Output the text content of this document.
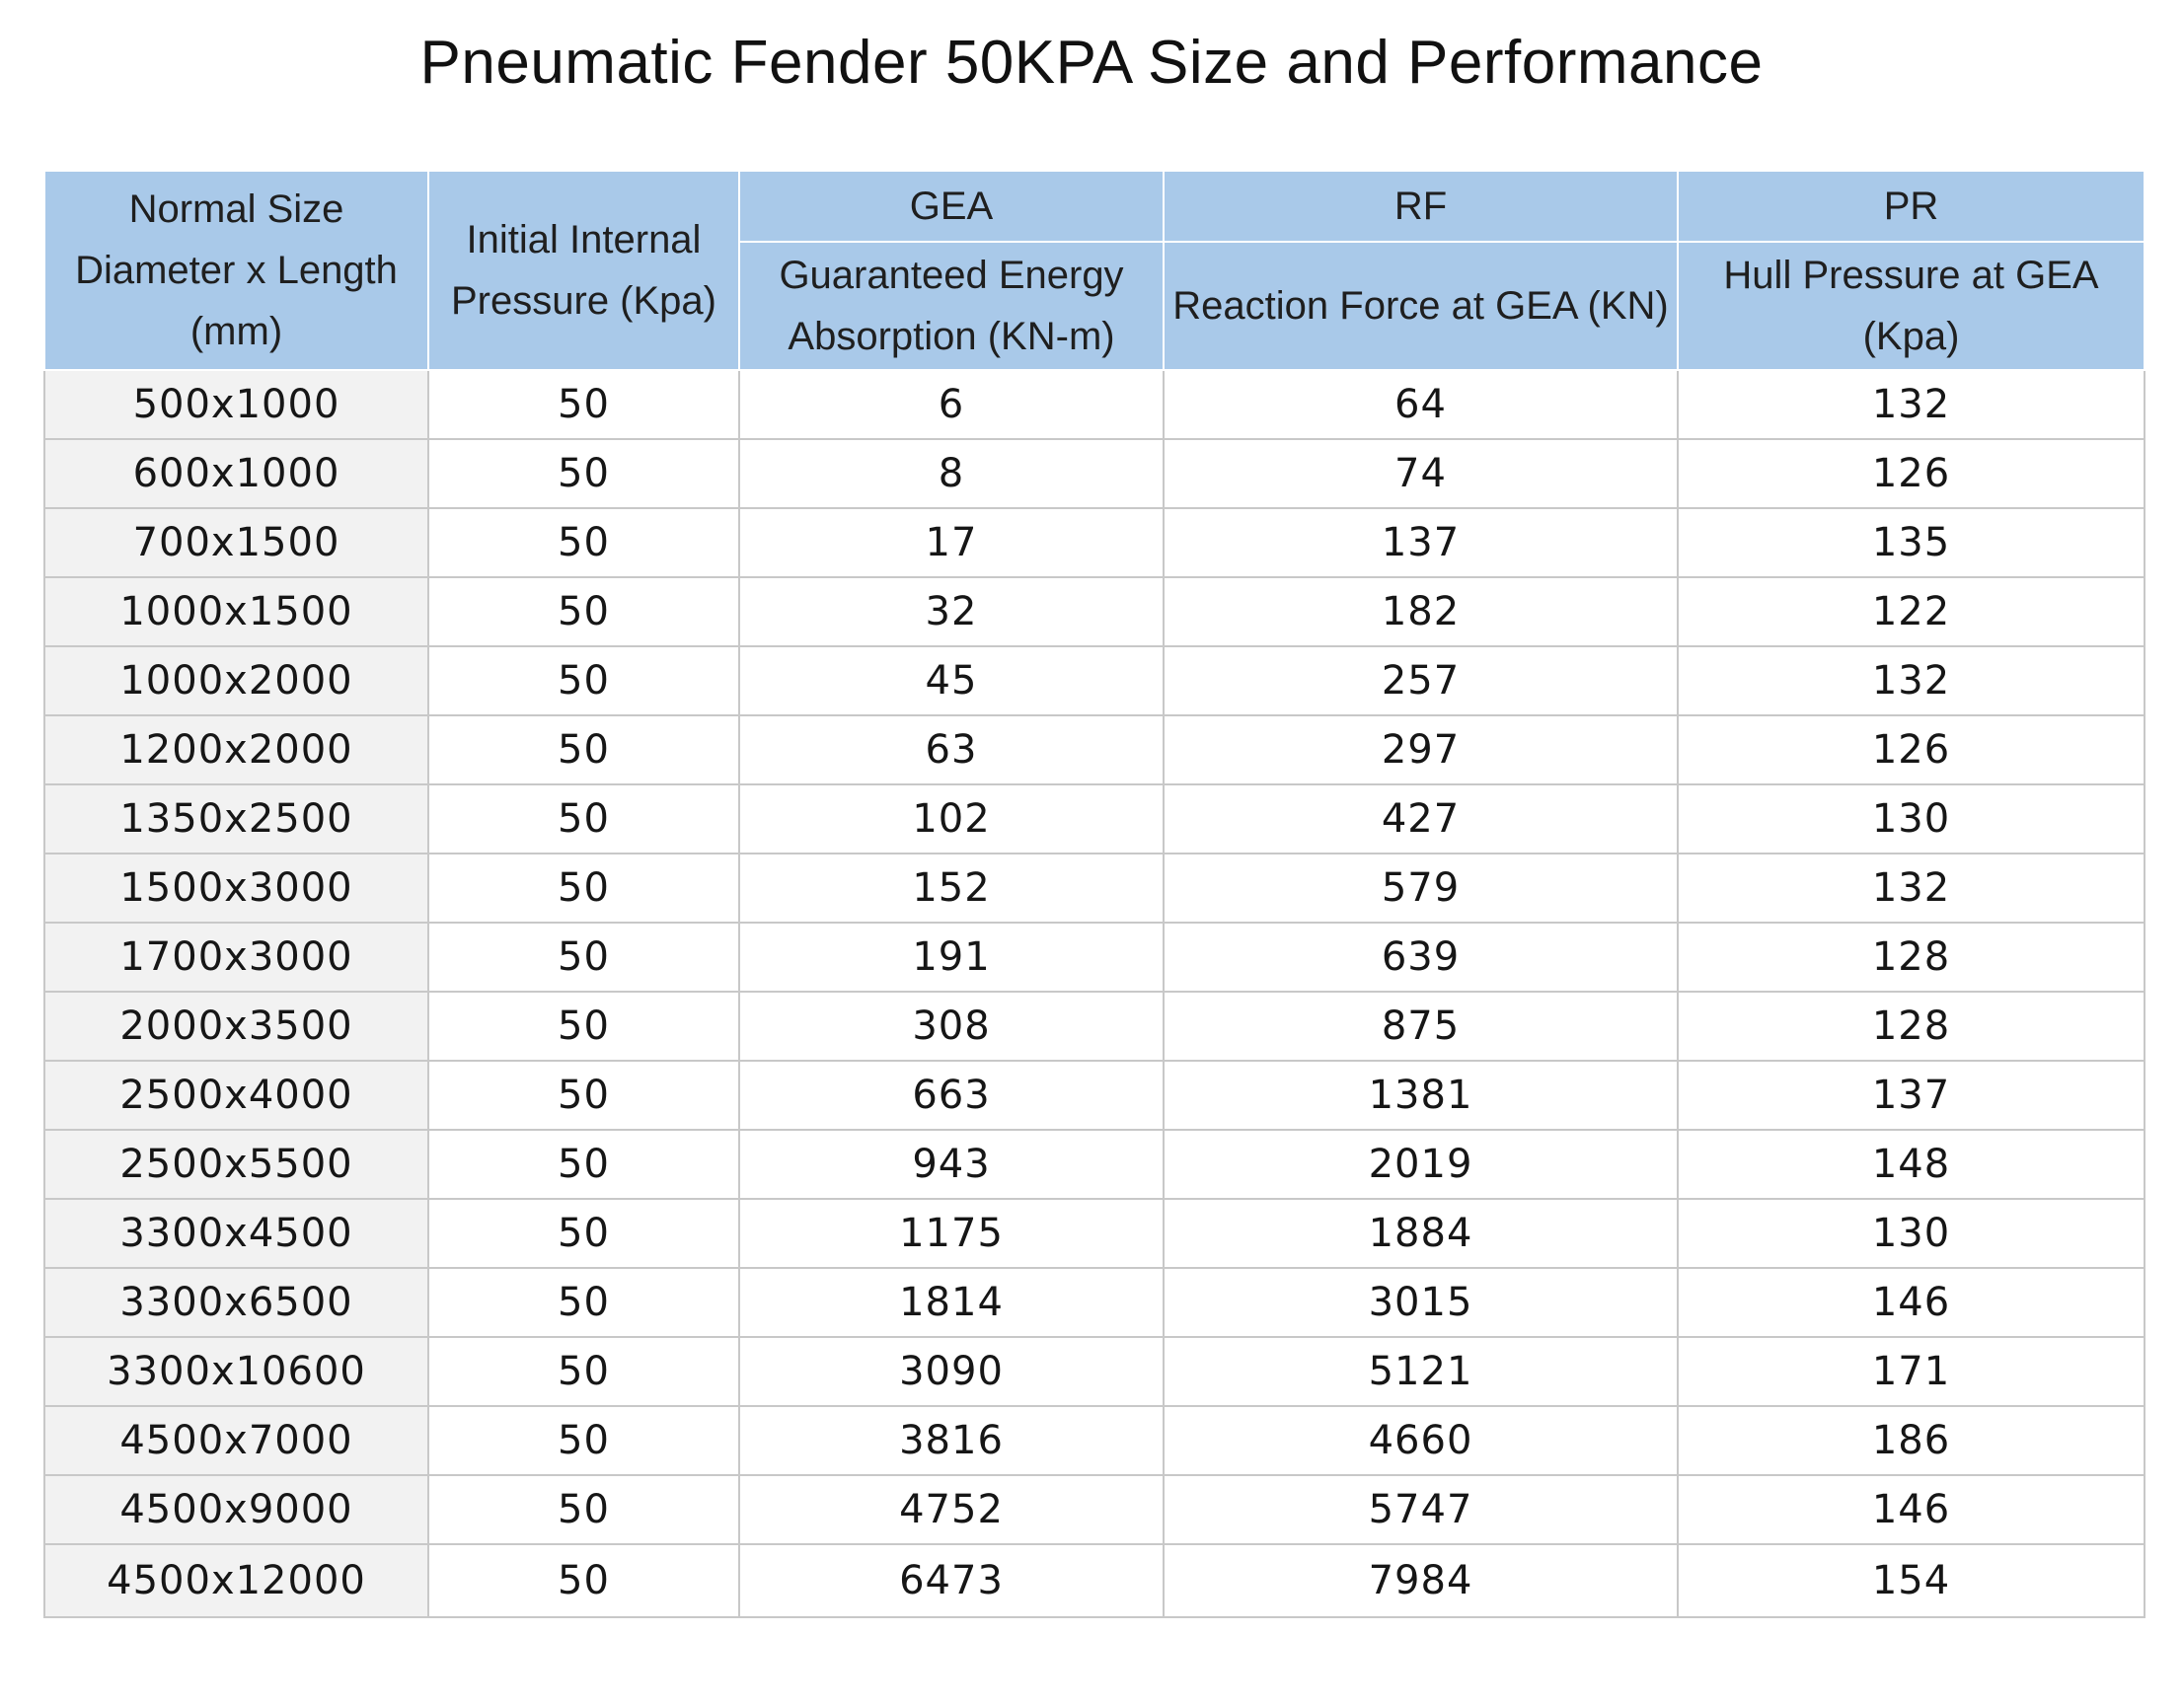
Pneumatic Fender 50KPA Size and Performance
Normal Size Diameter x Length (mm)	Initial Internal Pressure (Kpa)	GEA	RF	PR
		Guaranteed Energy Absorption (KN-m)	Reaction Force at GEA (KN)	Hull Pressure at GEA (Kpa)
500x1000	50	6	64	132
600x1000	50	8	74	126
700x1500	50	17	137	135
1000x1500	50	32	182	122
1000x2000	50	45	257	132
1200x2000	50	63	297	126
1350x2500	50	102	427	130
1500x3000	50	152	579	132
1700x3000	50	191	639	128
2000x3500	50	308	875	128
2500x4000	50	663	1381	137
2500x5500	50	943	2019	148
3300x4500	50	1175	1884	130
3300x6500	50	1814	3015	146
3300x10600	50	3090	5121	171
4500x7000	50	3816	4660	186
4500x9000	50	4752	5747	146
4500x12000	50	6473	7984	154
